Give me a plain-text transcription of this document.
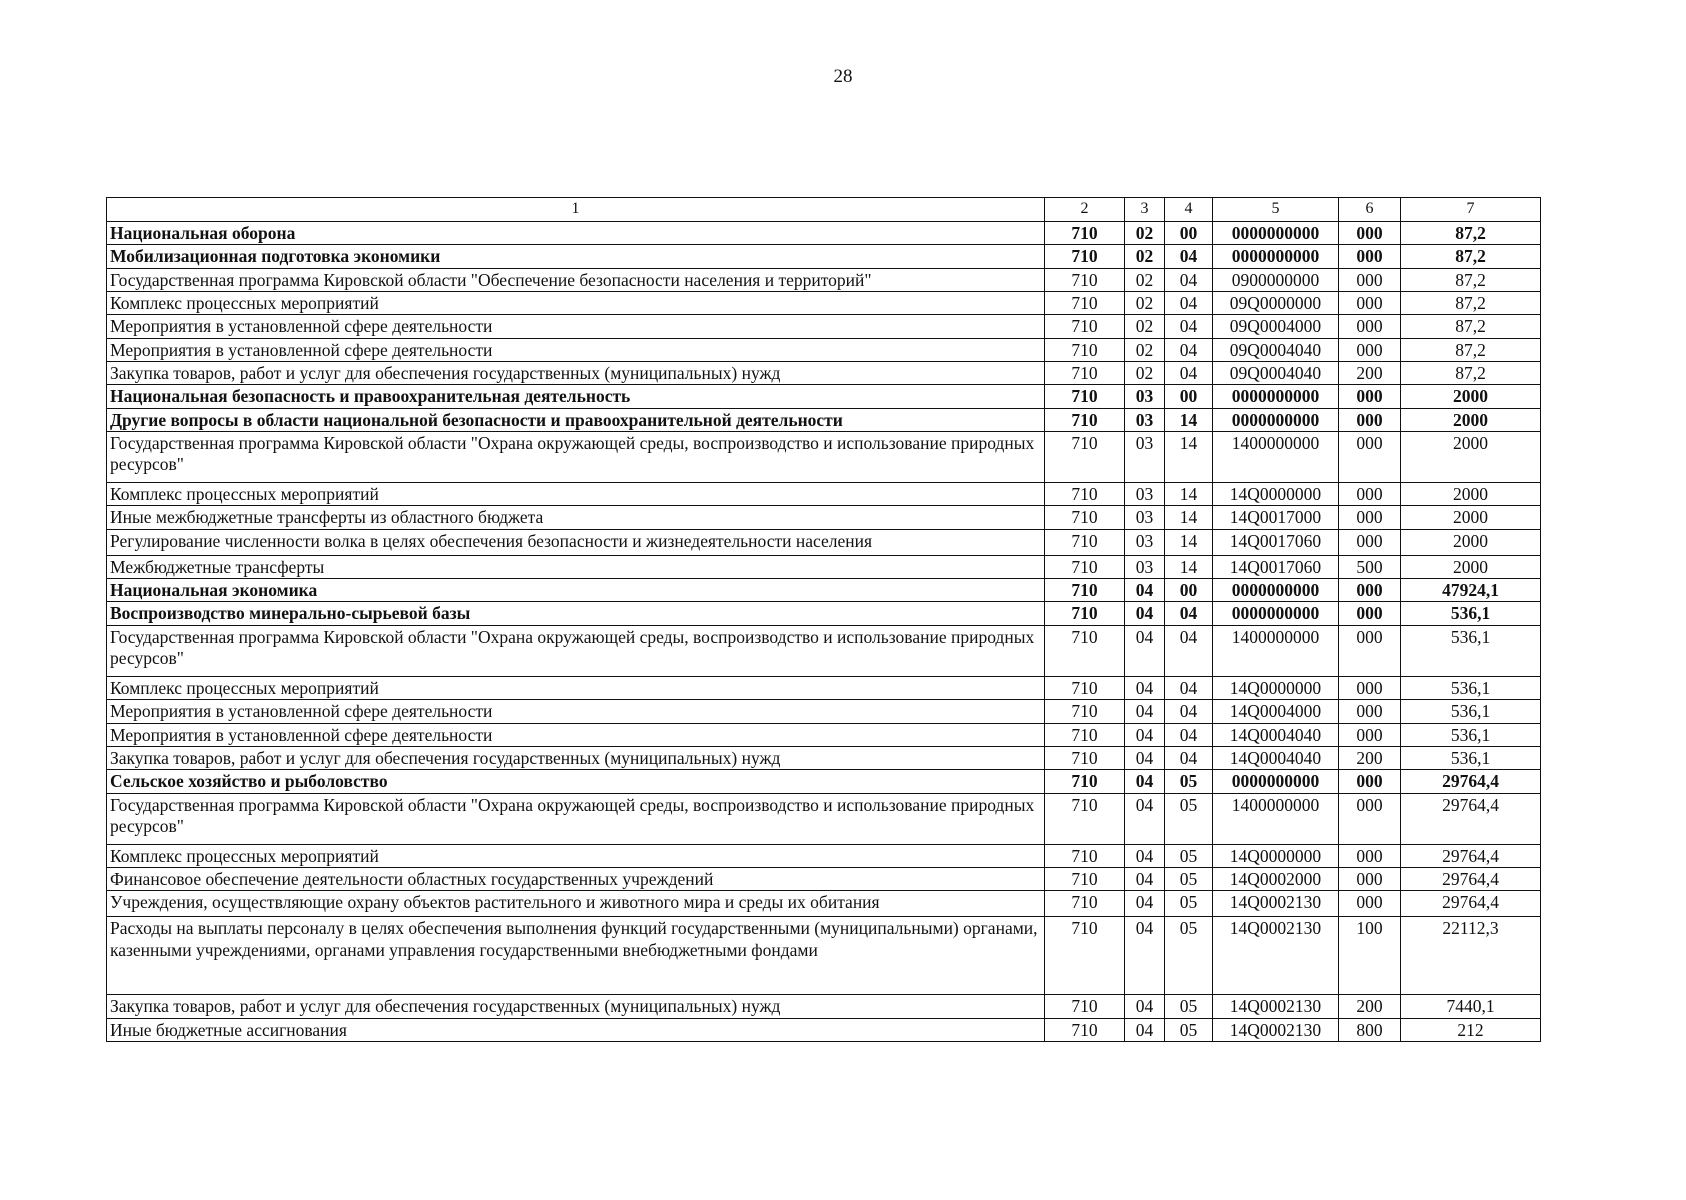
28
1	2	3	4	5	6	7
Национальная оборона	710	02	00	0000000000	000	87,2
Мобилизационная подготовка экономики	710	02	04	0000000000	000	87,2
Государственная программа Кировской области "Обеспечение безопасности населения и территорий"	710	02	04	0900000000	000	87,2
Комплекс процессных мероприятий	710	02	04	09Q0000000	000	87,2
Мероприятия в установленной сфере деятельности	710	02	04	09Q0004000	000	87,2
Мероприятия в установленной сфере деятельности	710	02	04	09Q0004040	000	87,2
Закупка товаров, работ и услуг для обеспечения государственных (муниципальных) нужд	710	02	04	09Q0004040	200	87,2
Национальная безопасность и правоохранительная деятельность	710	03	00	0000000000	000	2000
Другие вопросы в области национальной безопасности и правоохранительной деятельности	710	03	14	0000000000	000	2000
Государственная программа Кировской области "Охрана окружающей среды, воспроизводство и использование природных ресурсов"	710	03	14	1400000000	000	2000
Комплекс процессных мероприятий	710	03	14	14Q0000000	000	2000
Иные межбюджетные трансферты из областного бюджета	710	03	14	14Q0017000	000	2000
Регулирование численности волка в целях обеспечения безопасности и жизнедеятельности населения	710	03	14	14Q0017060	000	2000
Межбюджетные трансферты	710	03	14	14Q0017060	500	2000
Национальная экономика	710	04	00	0000000000	000	47924,1
Воспроизводство минерально-сырьевой базы	710	04	04	0000000000	000	536,1
Государственная программа Кировской области "Охрана окружающей среды, воспроизводство и использование природных ресурсов"	710	04	04	1400000000	000	536,1
Комплекс процессных мероприятий	710	04	04	14Q0000000	000	536,1
Мероприятия в установленной сфере деятельности	710	04	04	14Q0004000	000	536,1
Мероприятия в установленной сфере деятельности	710	04	04	14Q0004040	000	536,1
Закупка товаров, работ и услуг для обеспечения государственных (муниципальных) нужд	710	04	04	14Q0004040	200	536,1
Сельское хозяйство и рыболовство	710	04	05	0000000000	000	29764,4
Государственная программа Кировской области "Охрана окружающей среды, воспроизводство и использование природных ресурсов"	710	04	05	1400000000	000	29764,4
Комплекс процессных мероприятий	710	04	05	14Q0000000	000	29764,4
Финансовое обеспечение деятельности областных государственных учреждений	710	04	05	14Q0002000	000	29764,4
Учреждения, осуществляющие охрану объектов растительного и животного мира и среды их обитания	710	04	05	14Q0002130	000	29764,4
Расходы на выплаты персоналу в целях обеспечения выполнения функций государственными (муниципальными) органами, казенными учреждениями, органами управления государственными внебюджетными фондами	710	04	05	14Q0002130	100	22112,3
Закупка товаров, работ и услуг для обеспечения государственных (муниципальных) нужд	710	04	05	14Q0002130	200	7440,1
Иные бюджетные ассигнования	710	04	05	14Q0002130	800	212
